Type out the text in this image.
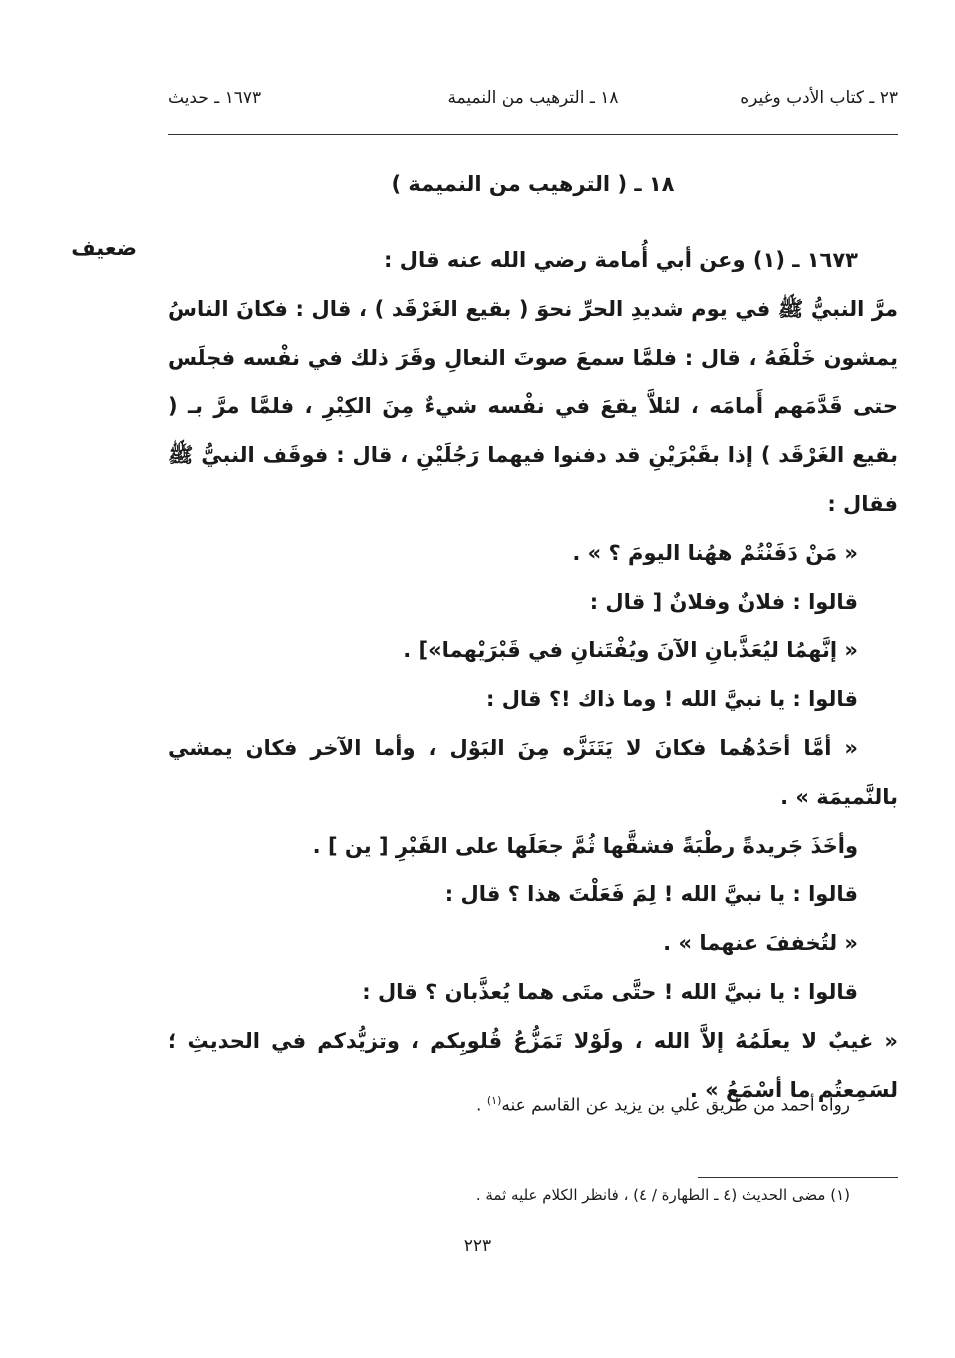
٢٣ ـ كتاب الأدب وغيره
١٨ ـ الترهيب من النميمة
١٦٧٣ ـ حديث
١٨ ـ ( الترهيب من النميمة )
ضعيف	١٦٧٣ ـ (١) وعن أبي أُمامة رضي الله عنه قال :

مرَّ النبيُّ ﷺ في يوم شديدِ الحرِّ نحوَ ( بقيع الغَرْقَد ) ، قال : فكانَ الناسُ يمشون خَلْفَهُ ، قال : فلمَّا سمعَ صوتَ النعالِ وقَرَ ذلك في نفْسه فجلَس حتى قَدَّمَهم أَمامَه ، لئلاَّ يقعَ في نفْسه شيءٌ مِنَ الكِبْرِ ، فلمَّا مرَّ بـ ( بقيع الغَرْقَد ) إذا بقَبْرَيْنِ قد دفنوا فيهما رَجُلَيْنِ ، قال : فوقَف النبيُّ ﷺ فقال :

« مَنْ دَفَنْتُمْ ههُنا اليومَ ؟ » .

قالوا : فلانٌ وفلانٌ [ قال :

« إنَّهمُا ليُعَذَّبانِ الآنَ ويُفْتَنانِ في قَبْرَيْهما»] .

قالوا : يا نبيَّ الله ! وما ذاك !؟ قال :

« أمَّا أحَدُهُما فكانَ لا يَتَنَزَّه مِنَ البَوْل ، وأما الآخر فكان يمشي بالنَّميمَة » .

وأخَذَ جَريدةً رطْبَةً فشقَّها ثُمَّ جعَلَها على القَبْرِ [ ين ] .

قالوا : يا نبيَّ الله ! لِمَ فَعَلْتَ هذا ؟ قال :

« لتُخففَ عنهما » .

قالوا : يا نبيَّ الله ! حتَّى متَى هما يُعذَّبان ؟ قال :

« غيبٌ لا يعلَمُهُ إلاَّ الله ، ولَوْلا تَمَزُّعُ قُلوبِكم ، وتزيُّدكم في الحديثِ ؛ لسَمِعتُم ما أسْمَعُ » .

رواه أحمد من طريق علي بن يزيد عن القاسم عنه$^{(١)}$ .
(١) مضى الحديث (٤ ـ الطهارة / ٤) ، فانظر الكلام عليه ثمة .
٢٢٣
